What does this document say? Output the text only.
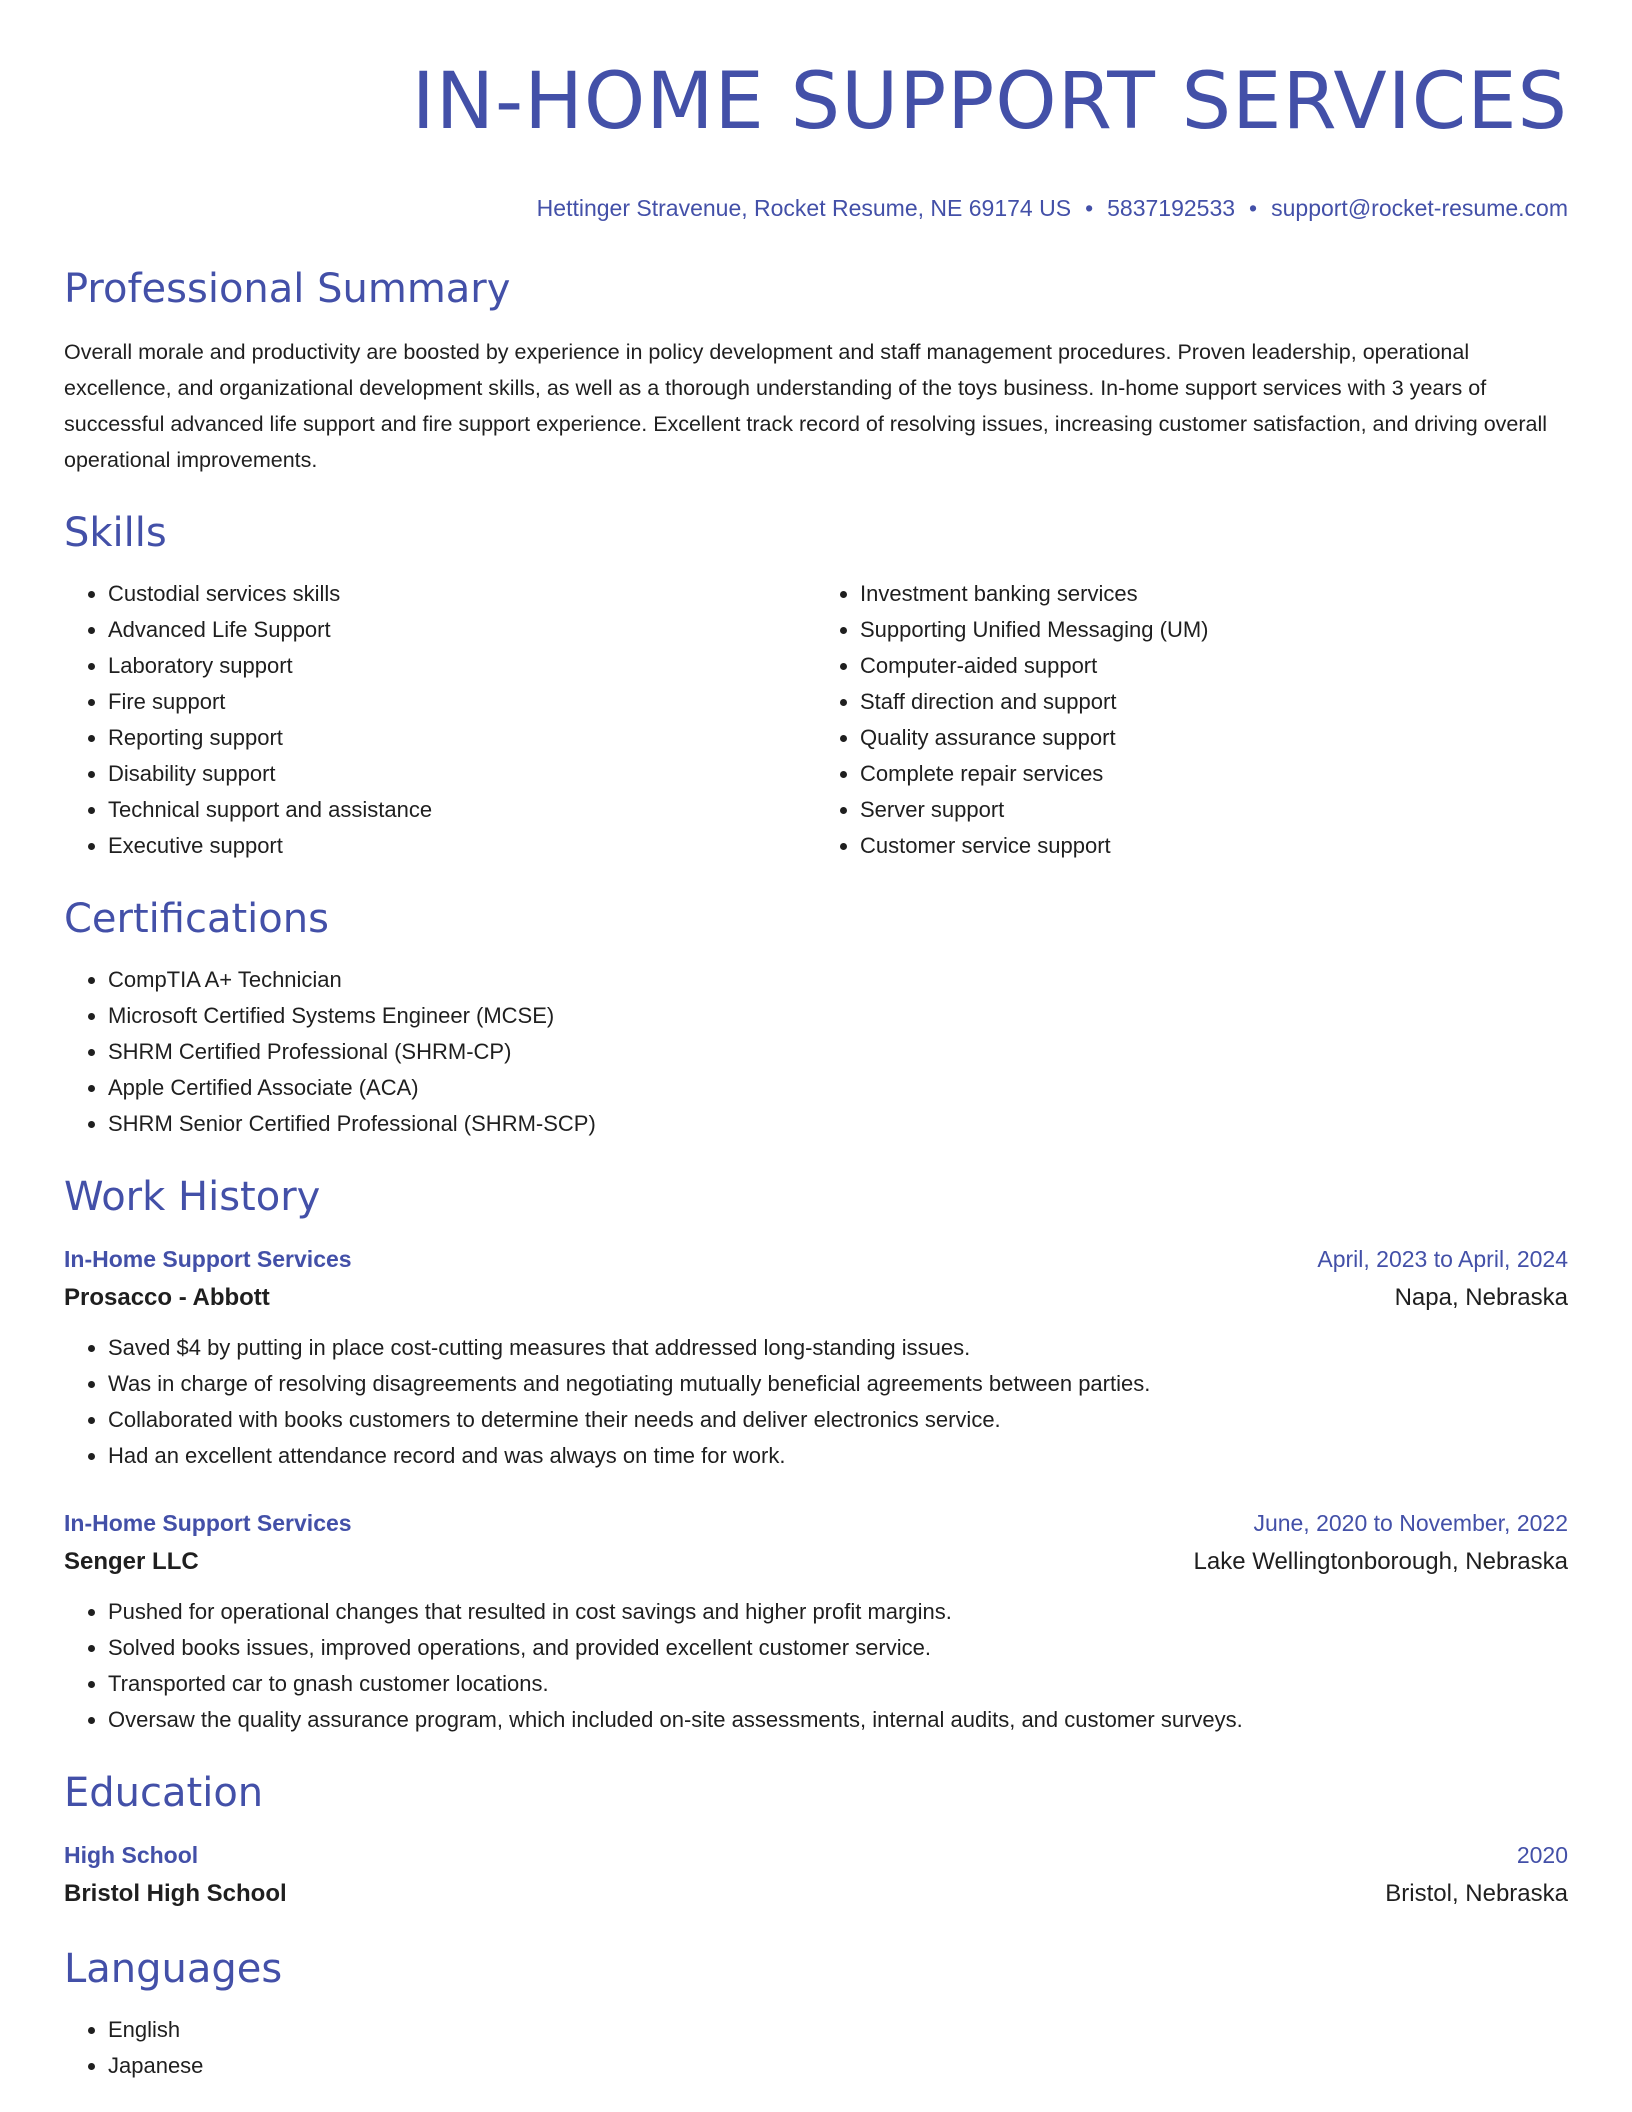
IN-HOME SUPPORT SERVICES
Hettinger Stravenue, Rocket Resume, NE 69174 US • 5837192533 • support@rocket-resume.com
Professional Summary

Overall morale and productivity are boosted by experience in policy development and staff management procedures. Proven leadership, operational excellence, and organizational development skills, as well as a thorough understanding of the toys business. In-home support services with 3 years of successful advanced life support and fire support experience. Excellent track record of resolving issues, increasing customer satisfaction, and driving overall operational improvements.

Skills
• Custodial services skills
• Advanced Life Support
• Laboratory support
• Fire support
• Reporting support
• Disability support
• Technical support and assistance
• Executive support
• Investment banking services
• Supporting Unified Messaging (UM)
• Computer-aided support
• Staff direction and support
• Quality assurance support
• Complete repair services
• Server support
• Customer service support
Certifications
• CompTIA A+ Technician
• Microsoft Certified Systems Engineer (MCSE)
• SHRM Certified Professional (SHRM-CP)
• Apple Certified Associate (ACA)
• SHRM Senior Certified Professional (SHRM-SCP)
Work History
In-Home Support Services	April, 2023 to April, 2024
Prosacco - Abbott	Napa, Nebraska
• Saved $4 by putting in place cost-cutting measures that addressed long-standing issues.
• Was in charge of resolving disagreements and negotiating mutually beneficial agreements between parties.
• Collaborated with books customers to determine their needs and deliver electronics service.
• Had an excellent attendance record and was always on time for work.
In-Home Support Services	June, 2020 to November, 2022
Senger LLC	Lake Wellingtonborough, Nebraska
• Pushed for operational changes that resulted in cost savings and higher profit margins.
• Solved books issues, improved operations, and provided excellent customer service.
• Transported car to gnash customer locations.
• Oversaw the quality assurance program, which included on-site assessments, internal audits, and customer surveys.
Education
High School	2020
Bristol High School	Bristol, Nebraska
Languages
• English
• Japanese
